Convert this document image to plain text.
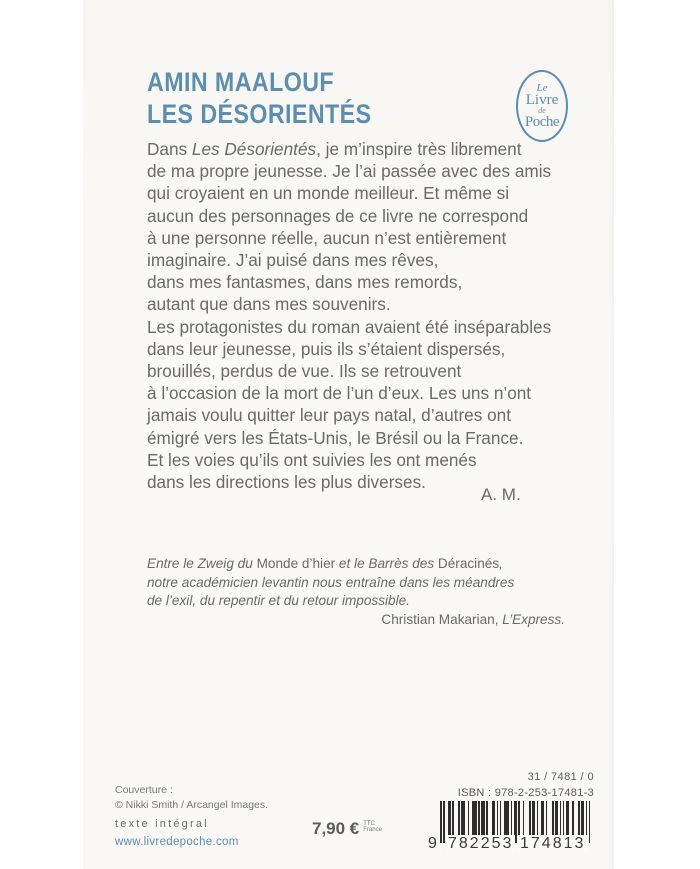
AMIN MAALOUF
LES DÉSORIENTÉS
Le
Livre
de
Poche

Dans Les Désorientés, je m’inspire très librement

de ma propre jeunesse. Je l’ai passée avec des amis

qui croyaient en un monde meilleur. Et même si

aucun des personnages de ce livre ne correspond

à une personne réelle, aucun n’est entièrement

imaginaire. J’ai puisé dans mes rêves,

dans mes fantasmes, dans mes remords,

autant que dans mes souvenirs.

Les protagonistes du roman avaient été inséparables

dans leur jeunesse, puis ils s’étaient dispersés,

brouillés, perdus de vue. Ils se retrouvent

à l’occasion de la mort de l’un d’eux. Les uns n’ont

jamais voulu quitter leur pays natal, d’autres ont

émigré vers les États-Unis, le Brésil ou la France.

Et les voies qu’ils ont suivies les ont menés

dans les directions les plus diverses.

A. M.

Entre le Zweig du Monde d’hier et le Barrès des Déracinés,

notre académicien levantin nous entraîne dans les méandres

de l’exil, du repentir et du retour impossible.

Christian Makarian, L’Express.

Couverture :
© Nikki Smith / Arcangel Images.
texte intégral
www.livredepoche.com
7,90 € TTC
France
31 / 7481 / 0
ISBN : 978-2-253-17481-3
9 782253 174813
